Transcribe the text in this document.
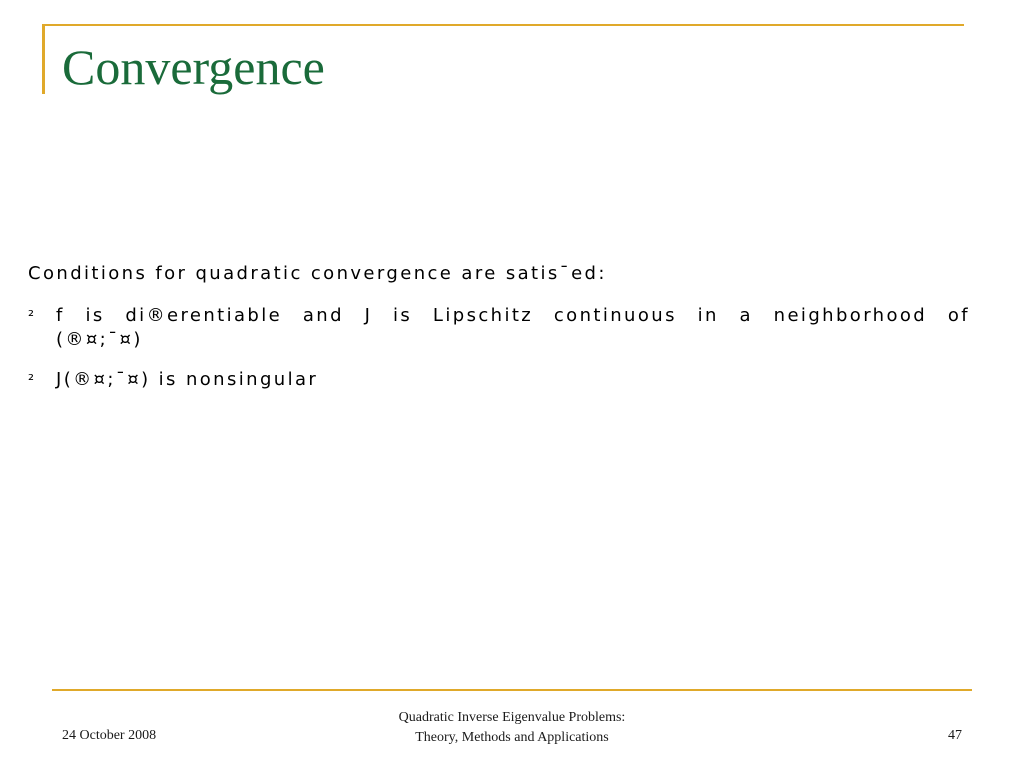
Convergence

Conditions for quadratic convergence are satis¯ed:

²	f is di®erentiable and J is Lipschitz continuous in a neighborhood of
(®¤;¯¤)
²	J(®¤;¯¤) is nonsingular
24 October 2008
Quadratic Inverse Eigenvalue Problems:
Theory, Methods and Applications	47
